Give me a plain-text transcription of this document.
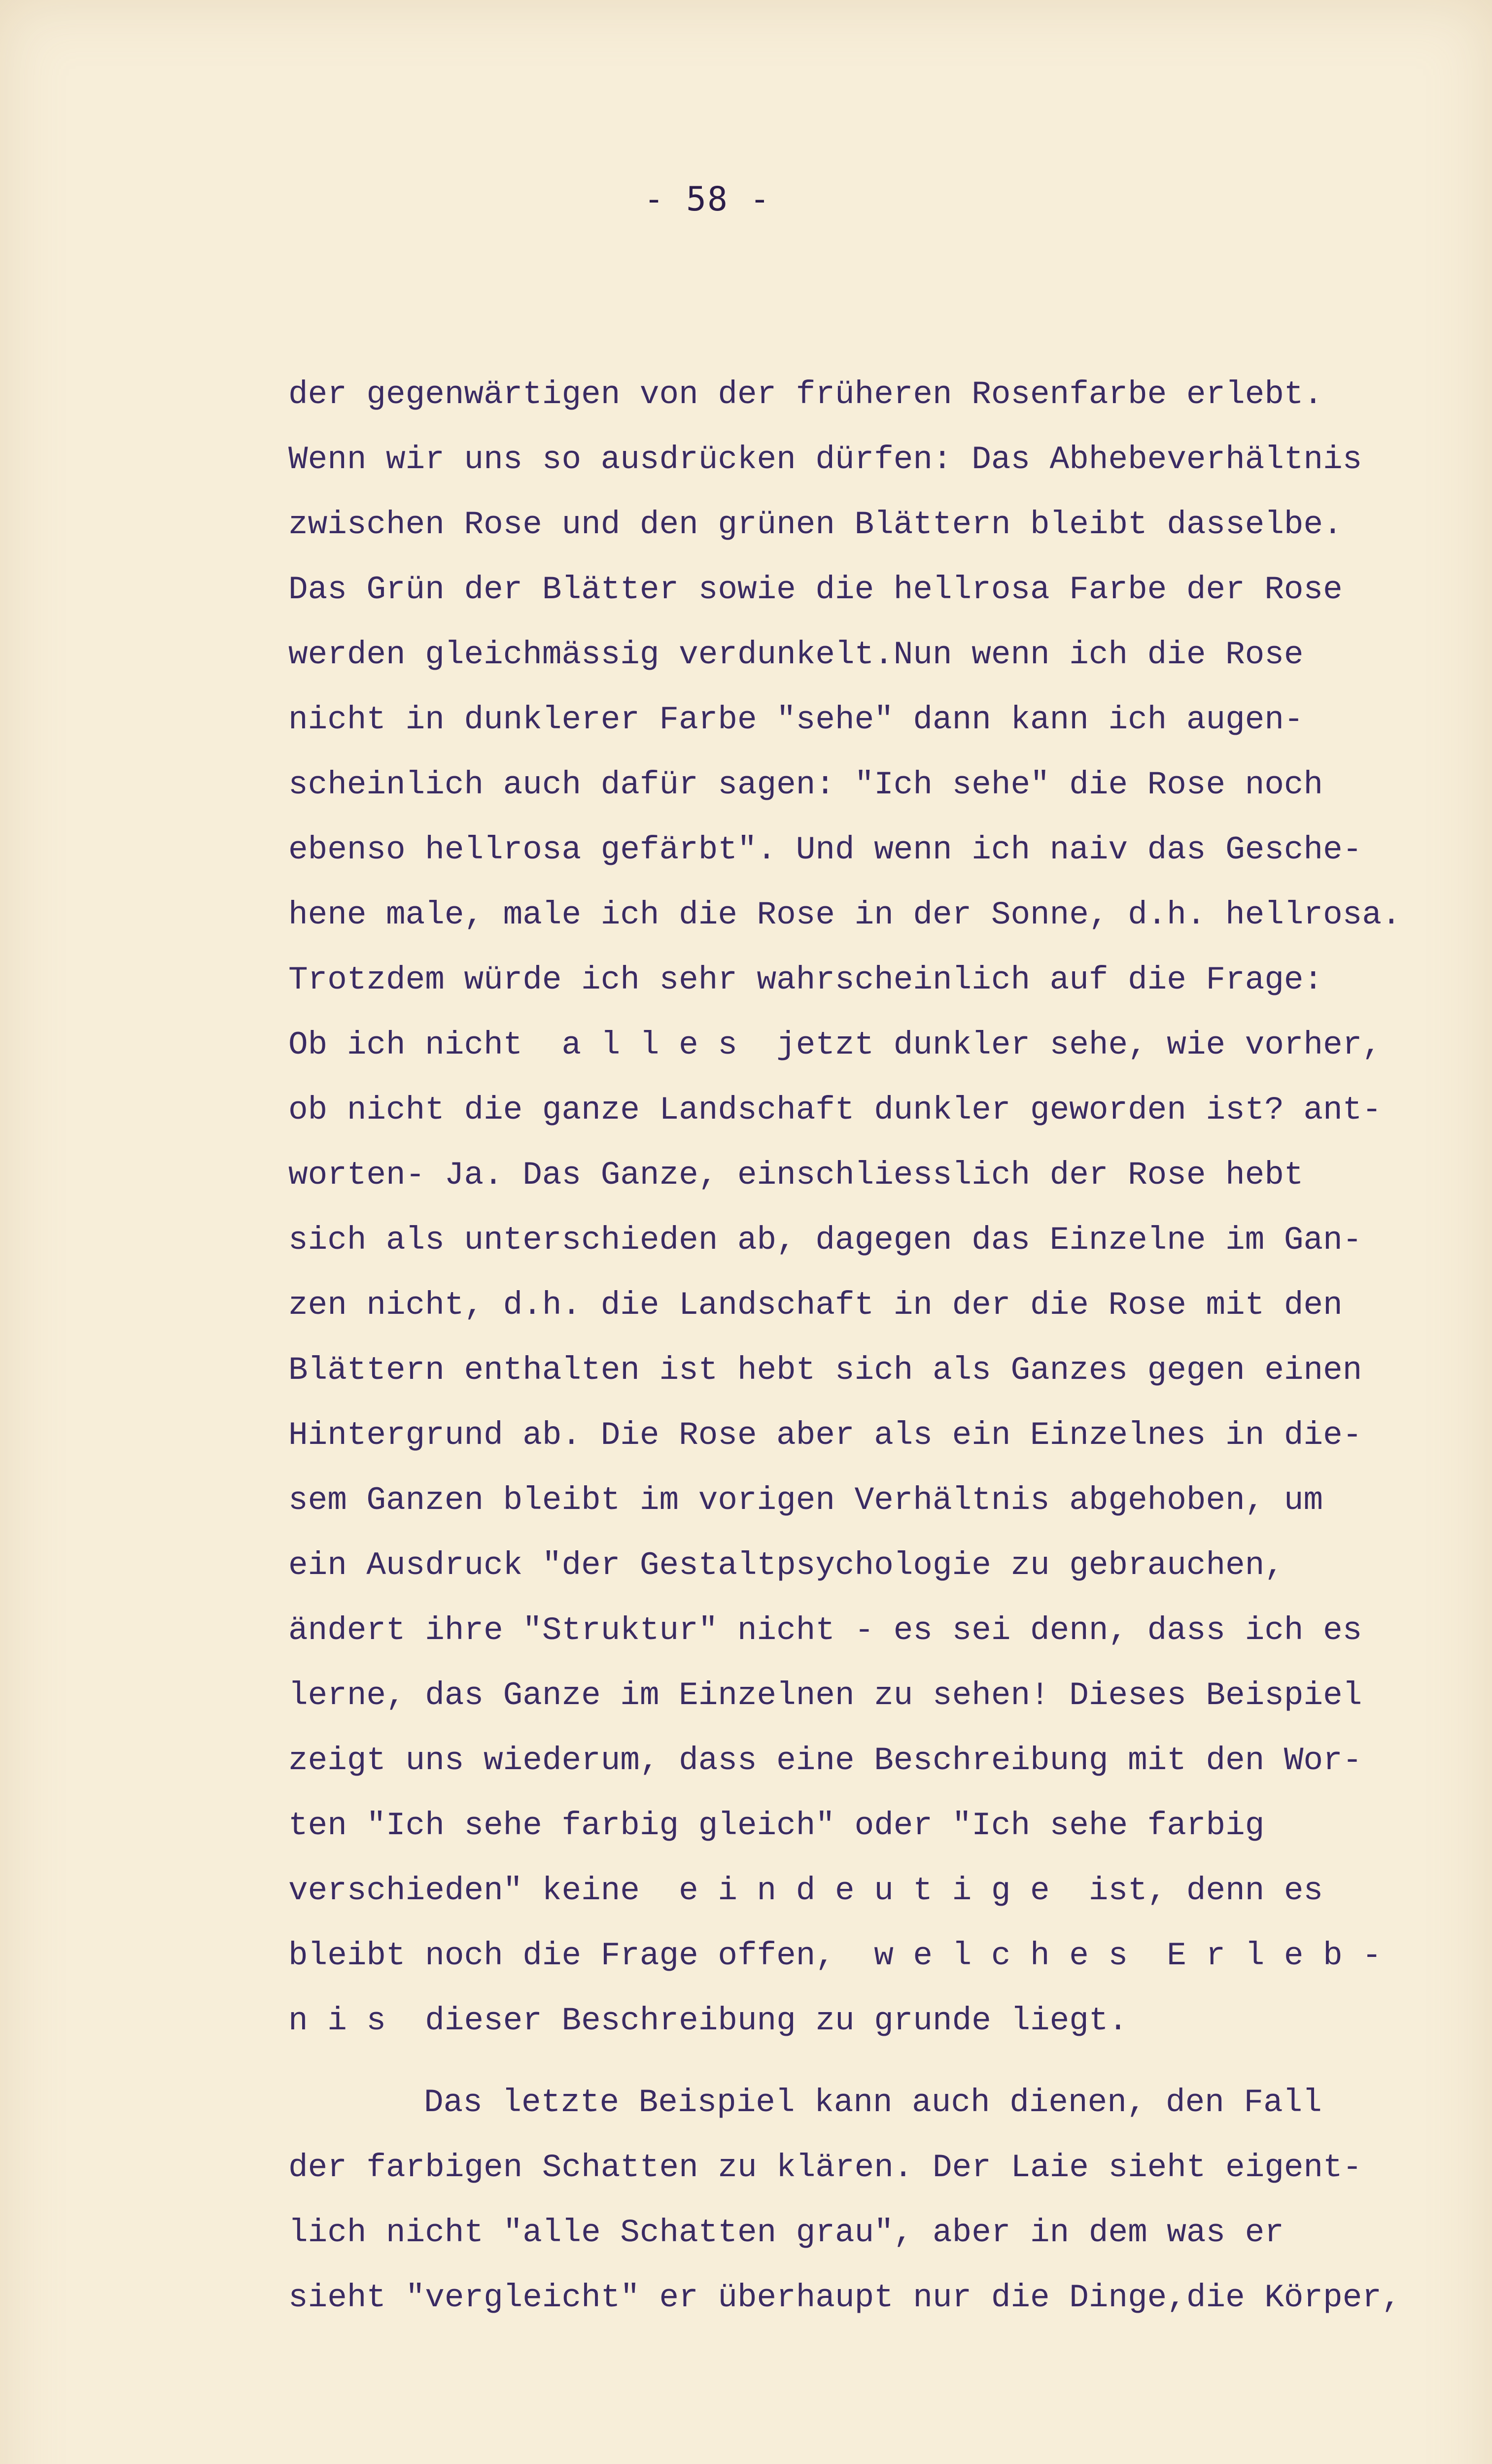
- 58 -
der gegenwärtigen von der früheren Rosenfarbe erlebt.
Wenn wir uns so ausdrücken dürfen: Das Abhebeverhältnis
zwischen Rose und den grünen Blättern bleibt dasselbe.
Das Grün der Blätter sowie die hellrosa Farbe der Rose
werden gleichmässig verdunkelt.Nun wenn ich die Rose
nicht in dunklerer Farbe "sehe" dann kann ich augen-
scheinlich auch dafür sagen: "Ich sehe" die Rose noch
ebenso hellrosa gefärbt". Und wenn ich naiv das Gesche-
hene male, male ich die Rose in der Sonne, d.h. hellrosa.
Trotzdem würde ich sehr wahrscheinlich auf die Frage:
Ob ich nicht  a l l e s  jetzt dunkler sehe, wie vorher,
ob nicht die ganze Landschaft dunkler geworden ist? ant-
worten- Ja. Das Ganze, einschliesslich der Rose hebt
sich als unterschieden ab, dagegen das Einzelne im Gan-
zen nicht, d.h. die Landschaft in der die Rose mit den
Blättern enthalten ist hebt sich als Ganzes gegen einen
Hintergrund ab. Die Rose aber als ein Einzelnes in die-
sem Ganzen bleibt im vorigen Verhältnis abgehoben, um
ein Ausdruck "der Gestaltpsychologie zu gebrauchen,
ändert ihre "Struktur" nicht - es sei denn, dass ich es
lerne, das Ganze im Einzelnen zu sehen! Dieses Beispiel
zeigt uns wiederum, dass eine Beschreibung mit den Wor-
ten "Ich sehe farbig gleich" oder "Ich sehe farbig
verschieden" keine  e i n d e u t i g e  ist, denn es
bleibt noch die Frage offen,  w e l c h e s  E r l e b -
n i s  dieser Beschreibung zu grunde liegt.
Das letzte Beispiel kann auch dienen, den Fall
der farbigen Schatten zu klären. Der Laie sieht eigent-
lich nicht "alle Schatten grau", aber in dem was er
sieht "vergleicht" er überhaupt nur die Dinge,die Körper,
